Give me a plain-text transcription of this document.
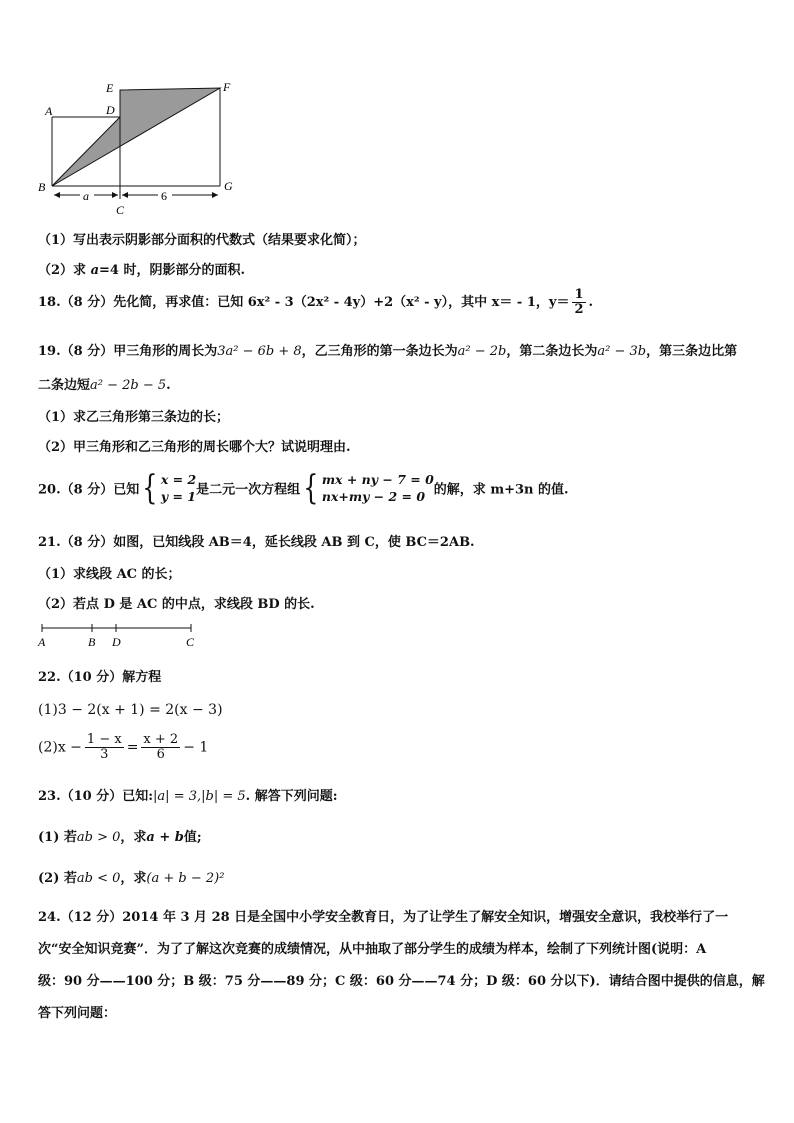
a	6
A
E
D
F
B	G
C
（1）写出表示阴影部分面积的代数式（结果要求化简）；
（2）求 a=4 时，阴影部分的面积.
18.（8 分）先化简，再求值：已知 6x² - 3（2x² - 4y）+2（x² - y），其中 x＝ - 1，$y= \frac{1}{2}$ .
19.（8 分）甲三角形的周长为3a² − 6b + 8，乙三角形的第一条边长为a² − 2b，第二条边长为a² − 3b，第三条边比第
二条边短a² − 2b − 5.
（1）求乙三角形第三条边的长；
（2）甲三角形和乙三角形的周长哪个大？试说明理由.
20.（8 分）已知{ x = 2
y = 1 是二元一次方程组{ mx + ny − 7 = 0
nx+my − 2 = 0 的解，求 m+3n 的值.
21.（8 分）如图，已知线段 AB＝4，延长线段 AB 到 C，使 BC＝2AB.
（1）求线段 AC 的长；
（2）若点 D 是 AC 的中点，求线段 BD 的长.
A	B D	C
22.（10 分）解方程
(1)3 − 2(x + 1) = 2(x − 3)
$(2)x - \frac{1 - x}{3} = \frac{x + 2}{6} - 1$
23.（10 分）已知:|a| = 3,|b| = 5. 解答下列问题:
(1) 若ab > 0，求a + b值;
(2) 若ab < 0，求(a + b − 2)²
24.（12 分）2014 年 3 月 28 日是全国中小学安全教育日，为了让学生了解安全知识，增强安全意识，我校举行了一
次“安全知识竞赛”．为了了解这次竞赛的成绩情况，从中抽取了部分学生的成绩为样本，绘制了下列统计图(说明：A
级：90 分——100 分；B 级：75 分——89 分；C 级：60 分——74 分；D 级：60 分以下)．请结合图中提供的信息，解
答下列问题：
